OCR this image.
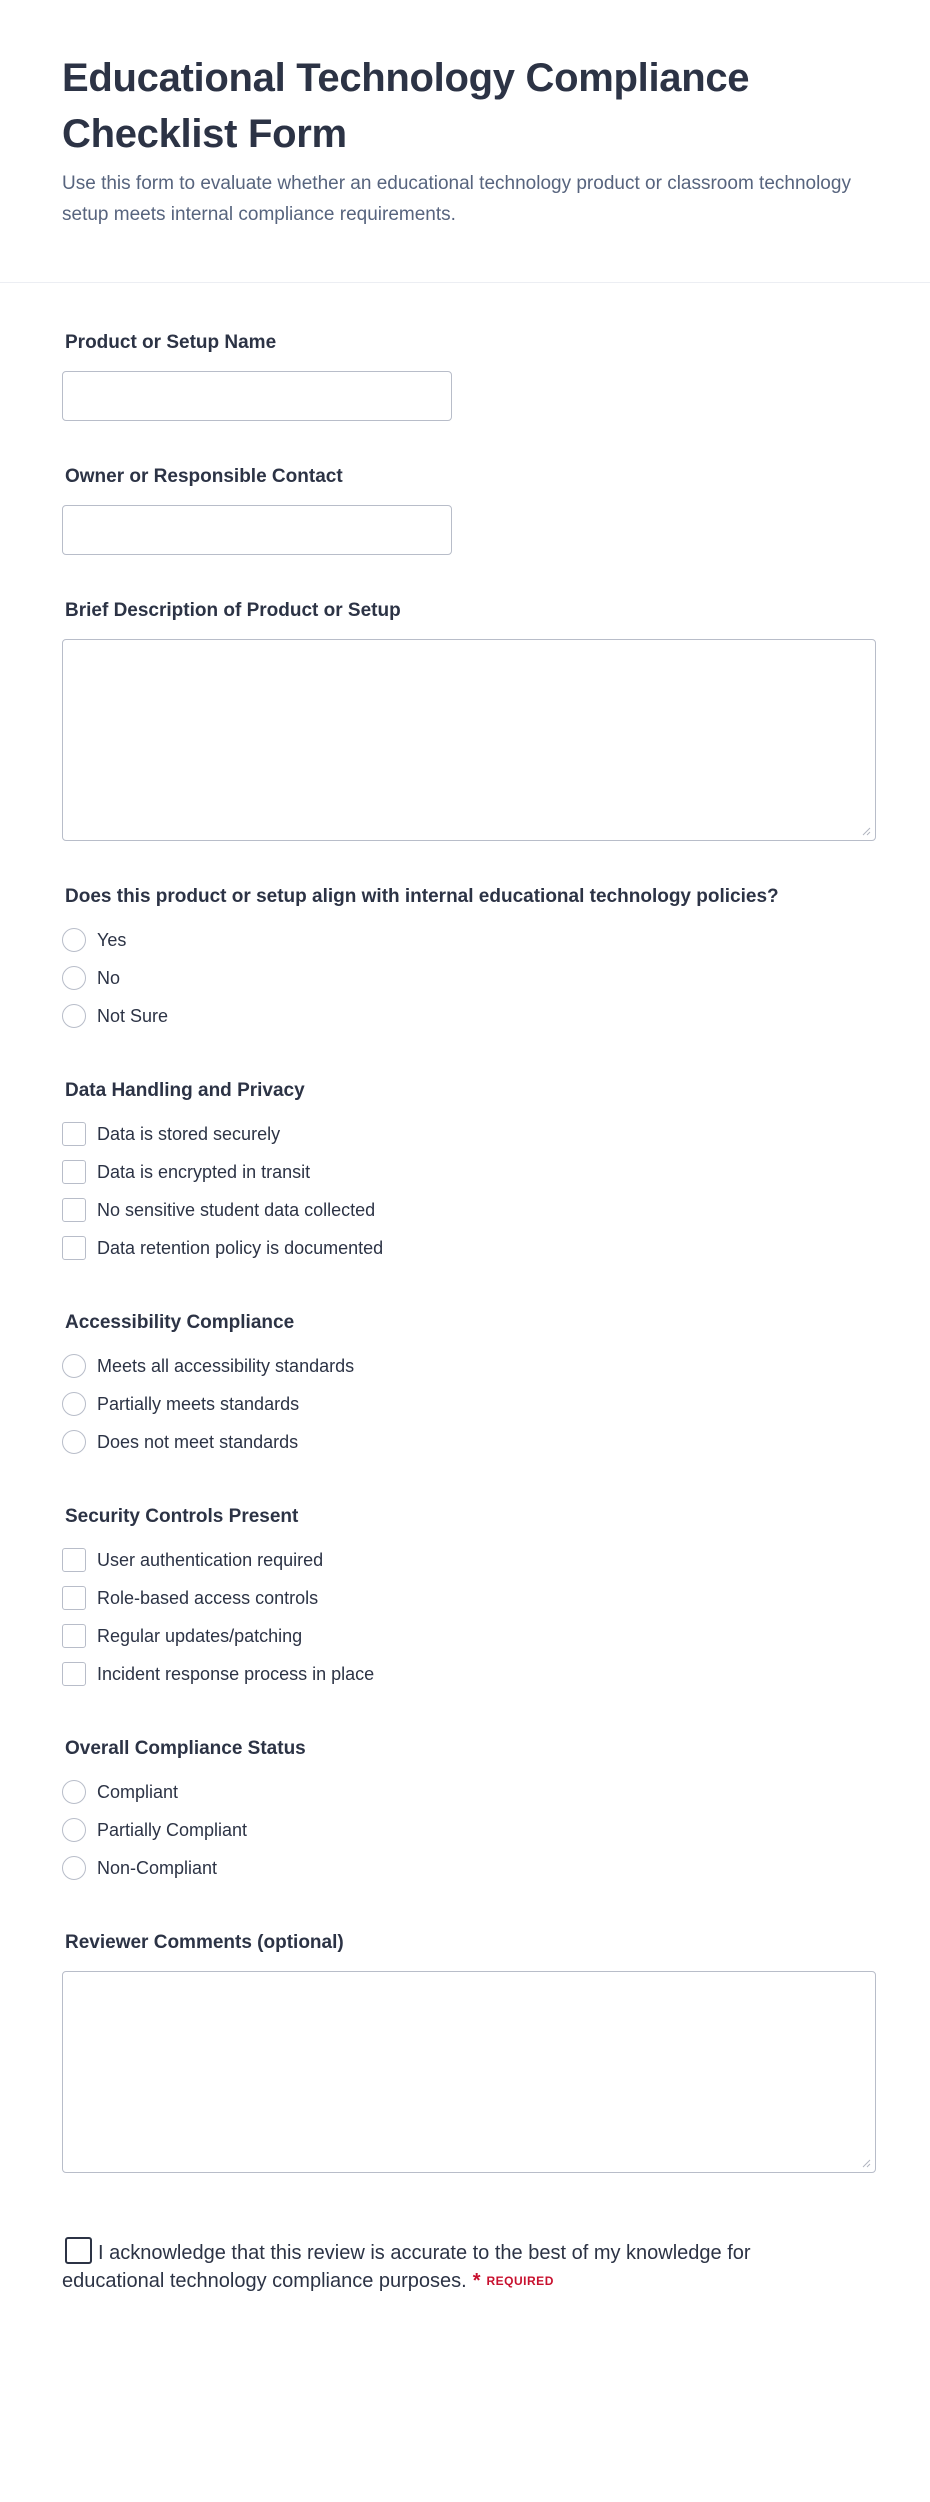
Educational Technology Compliance Checklist Form

Use this form to evaluate whether an educational technology product or classroom technology setup meets internal compliance requirements.

Product or Setup Name
Owner or Responsible Contact
Brief Description of Product or Setup
Does this product or setup align with internal educational technology policies?
Yes
No
Not Sure
Data Handling and Privacy
Data is stored securely
Data is encrypted in transit
No sensitive student data collected
Data retention policy is documented
Accessibility Compliance
Meets all accessibility standards
Partially meets standards
Does not meet standards
Security Controls Present
User authentication required
Role-based access controls
Regular updates/patching
Incident response process in place
Overall Compliance Status
Compliant
Partially Compliant
Non-Compliant
Reviewer Comments (optional)
I acknowledge that this review is accurate to the best of my knowledge for educational technology compliance purposes. * REQUIRED
